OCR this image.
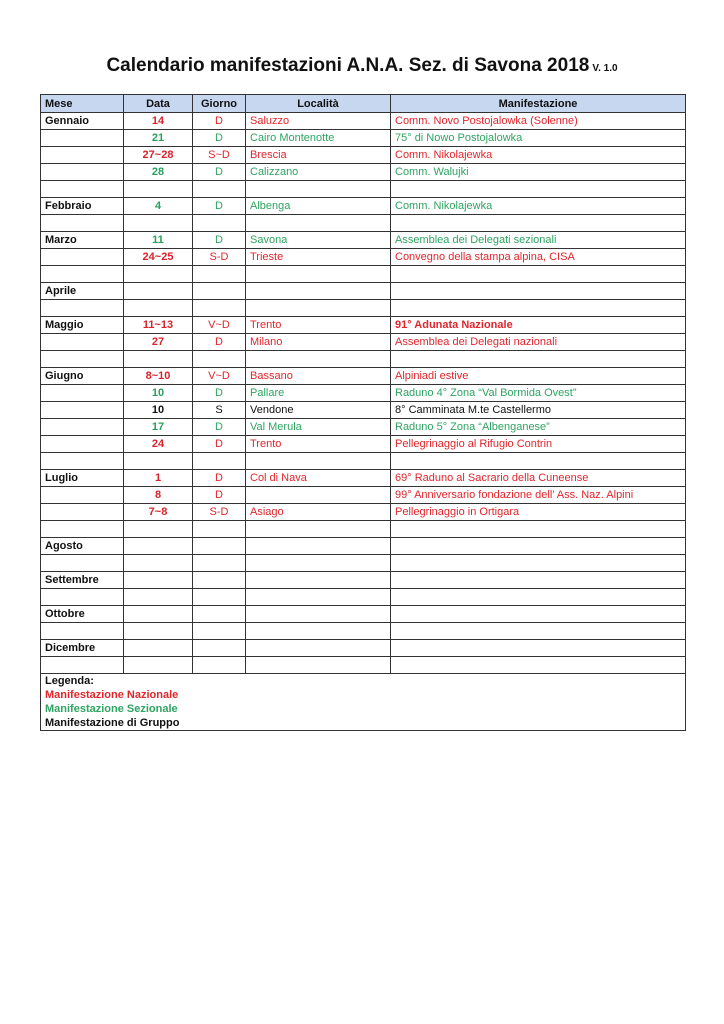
Calendario manifestazioni A.N.A. Sez. di Savona 2018 V. 1.0
Mese	Data	Giorno	Località	Manifestazione
Gennaio	14	D	Saluzzo	Comm. Novo Postojalowka (Solenne)
	21	D	Cairo Montenotte	75° di Nowo Postojalowka
	27~28	S~D	Brescia	Comm. Nikolajewka
	28	D	Calizzano	Comm. Walujki

Febbraio	4	D	Albenga	Comm. Nikolajewka

Marzo	11	D	Savona	Assemblea dei Delegati sezionali
	24~25	S-D	Trieste	Convegno della stampa alpina, CISA

Aprile				

Maggio	11~13	V~D	Trento	91° Adunata Nazionale
	27	D	Milano	Assemblea dei Delegati nazionali

Giugno	8~10	V~D	Bassano	Alpiniadi estive
	10	D	Pallare	Raduno 4° Zona “Val Bormida Ovest”
	10	S	Vendone	8° Camminata M.te Castellermo
	17	D	Val Merula	Raduno 5° Zona “Albenganese”
	24	D	Trento	Pellegrinaggio al Rifugio Contrin

Luglio	1	D	Col di Nava	69° Raduno al Sacrario della Cuneense
	8	D		99° Anniversario fondazione dell’ Ass. Naz. Alpini
	7~8	S-D	Asiago	Pellegrinaggio in Ortigara

Agosto				

Settembre				

Ottobre				

Dicembre				

Legenda:
Manifestazione Nazionale
Manifestazione Sezionale
Manifestazione di Gruppo				
